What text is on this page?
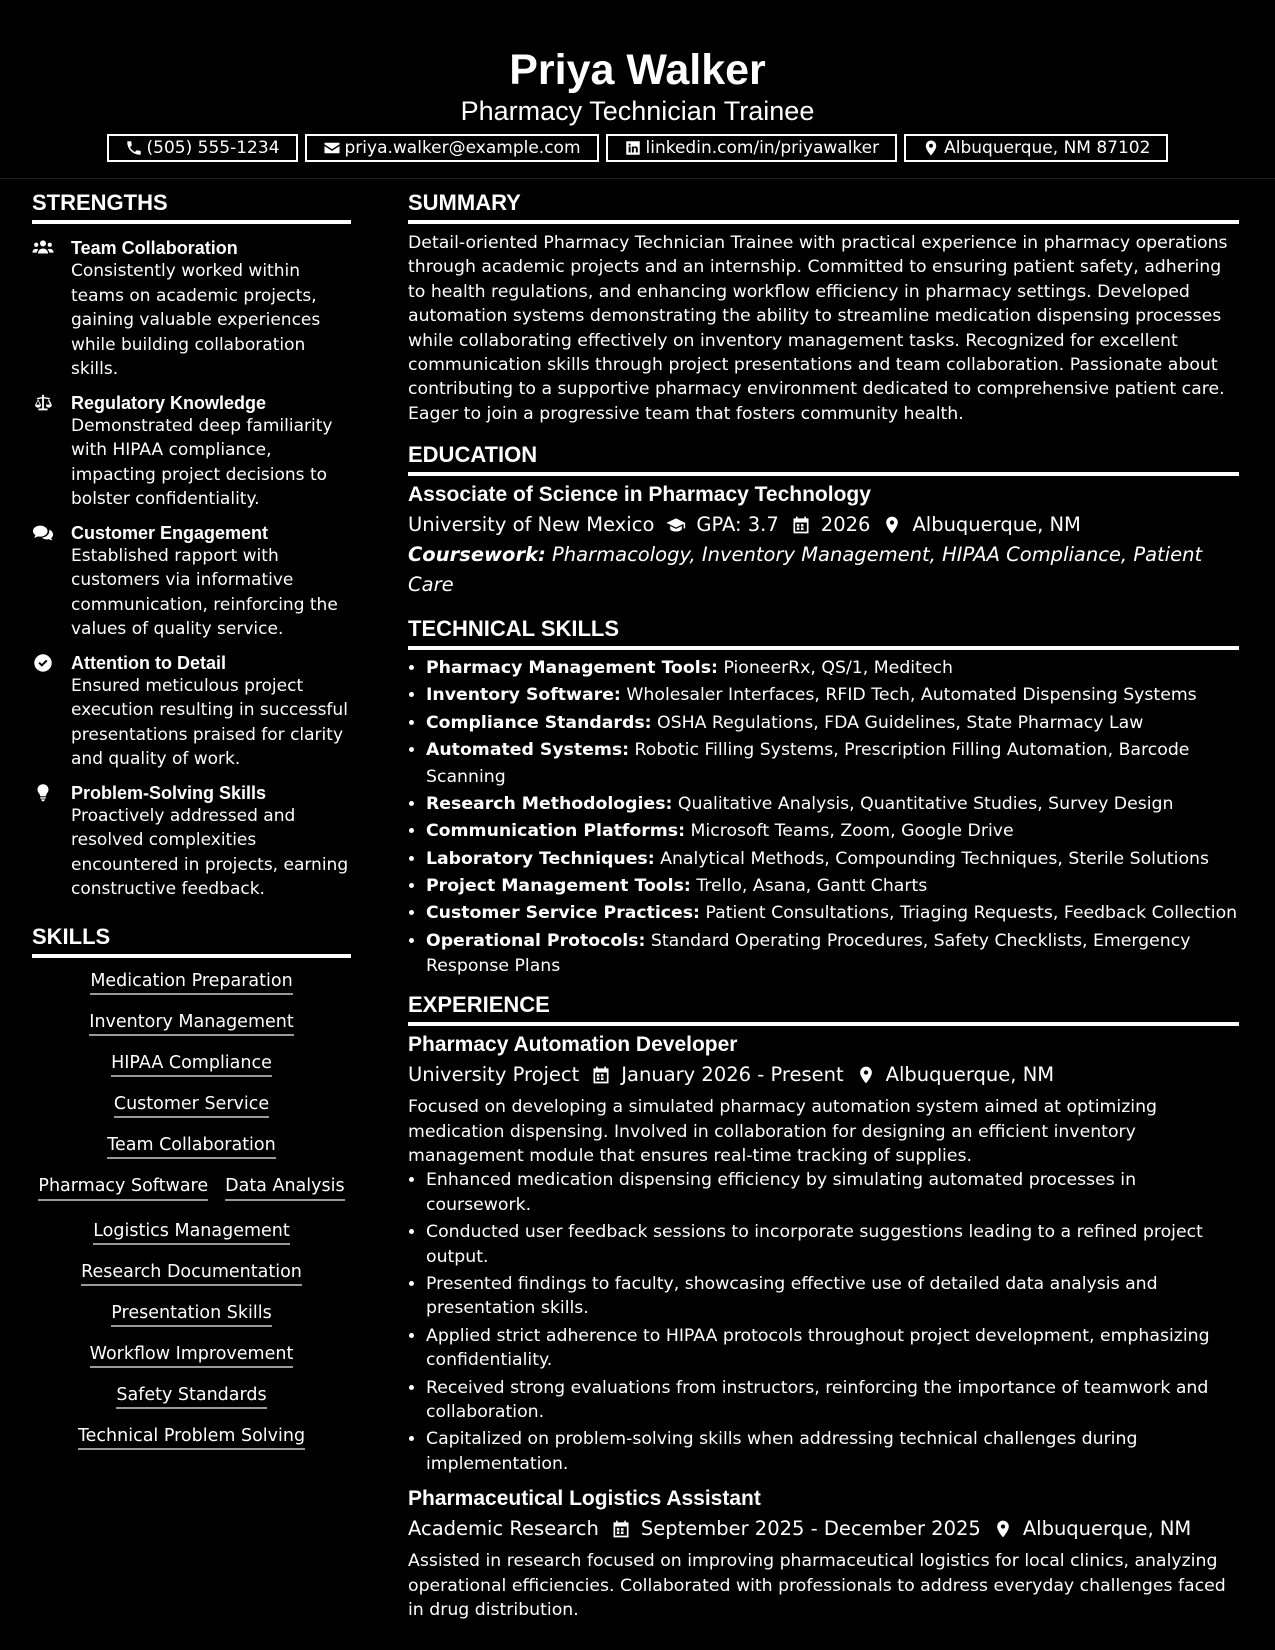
Priya Walker
Pharmacy Technician Trainee
(505) 555-1234	priya.walker@example.com	linkedin.com/in/priyawalker	Albuquerque, NM 87102
STRENGTHS
Team Collaboration
Consistently worked within teams on academic projects, gaining valuable experiences while building collaboration skills.
Regulatory Knowledge
Demonstrated deep familiarity with HIPAA compliance, impacting project decisions to bolster confidentiality.
Customer Engagement
Established rapport with customers via informative communication, reinforcing the values of quality service.
Attention to Detail
Ensured meticulous project execution resulting in successful presentations praised for clarity and quality of work.
Problem-Solving Skills
Proactively addressed and resolved complexities encountered in projects, earning constructive feedback.
SKILLS
Medication Preparation
Inventory Management
HIPAA Compliance
Customer Service
Team Collaboration
Pharmacy Software Data Analysis
Logistics Management
Research Documentation
Presentation Skills
Workflow Improvement
Safety Standards
Technical Problem Solving
SUMMARY
Detail-oriented Pharmacy Technician Trainee with practical experience in pharmacy operations through academic projects and an internship. Committed to ensuring patient safety, adhering to health regulations, and enhancing workflow efficiency in pharmacy settings. Developed automation systems demonstrating the ability to streamline medication dispensing processes while collaborating effectively on inventory management tasks. Recognized for excellent communication skills through project presentations and team collaboration. Passionate about contributing to a supportive pharmacy environment dedicated to comprehensive patient care. Eager to join a progressive team that fosters community health.
EDUCATION
Associate of Science in Pharmacy Technology
University of New Mexico GPA: 3.7 2026 Albuquerque, NM
Coursework: Pharmacology, Inventory Management, HIPAA Compliance, Patient Care
TECHNICAL SKILLS
• Pharmacy Management Tools: PioneerRx, QS/1, Meditech
• Inventory Software: Wholesaler Interfaces, RFID Tech, Automated Dispensing Systems
• Compliance Standards: OSHA Regulations, FDA Guidelines, State Pharmacy Law
• Automated Systems: Robotic Filling Systems, Prescription Filling Automation, Barcode Scanning
• Research Methodologies: Qualitative Analysis, Quantitative Studies, Survey Design
• Communication Platforms: Microsoft Teams, Zoom, Google Drive
• Laboratory Techniques: Analytical Methods, Compounding Techniques, Sterile Solutions
• Project Management Tools: Trello, Asana, Gantt Charts
• Customer Service Practices: Patient Consultations, Triaging Requests, Feedback Collection
• Operational Protocols: Standard Operating Procedures, Safety Checklists, Emergency Response Plans
EXPERIENCE
Pharmacy Automation Developer
University Project January 2026 - Present Albuquerque, NM
Focused on developing a simulated pharmacy automation system aimed at optimizing medication dispensing. Involved in collaboration for designing an efficient inventory management module that ensures real-time tracking of supplies.
• Enhanced medication dispensing efficiency by simulating automated processes in coursework.
• Conducted user feedback sessions to incorporate suggestions leading to a refined project output.
• Presented findings to faculty, showcasing effective use of detailed data analysis and presentation skills.
• Applied strict adherence to HIPAA protocols throughout project development, emphasizing confidentiality.
• Received strong evaluations from instructors, reinforcing the importance of teamwork and collaboration.
• Capitalized on problem-solving skills when addressing technical challenges during implementation.
Pharmaceutical Logistics Assistant
Academic Research September 2025 - December 2025 Albuquerque, NM
Assisted in research focused on improving pharmaceutical logistics for local clinics, analyzing operational efficiencies. Collaborated with professionals to address everyday challenges faced in drug distribution.
